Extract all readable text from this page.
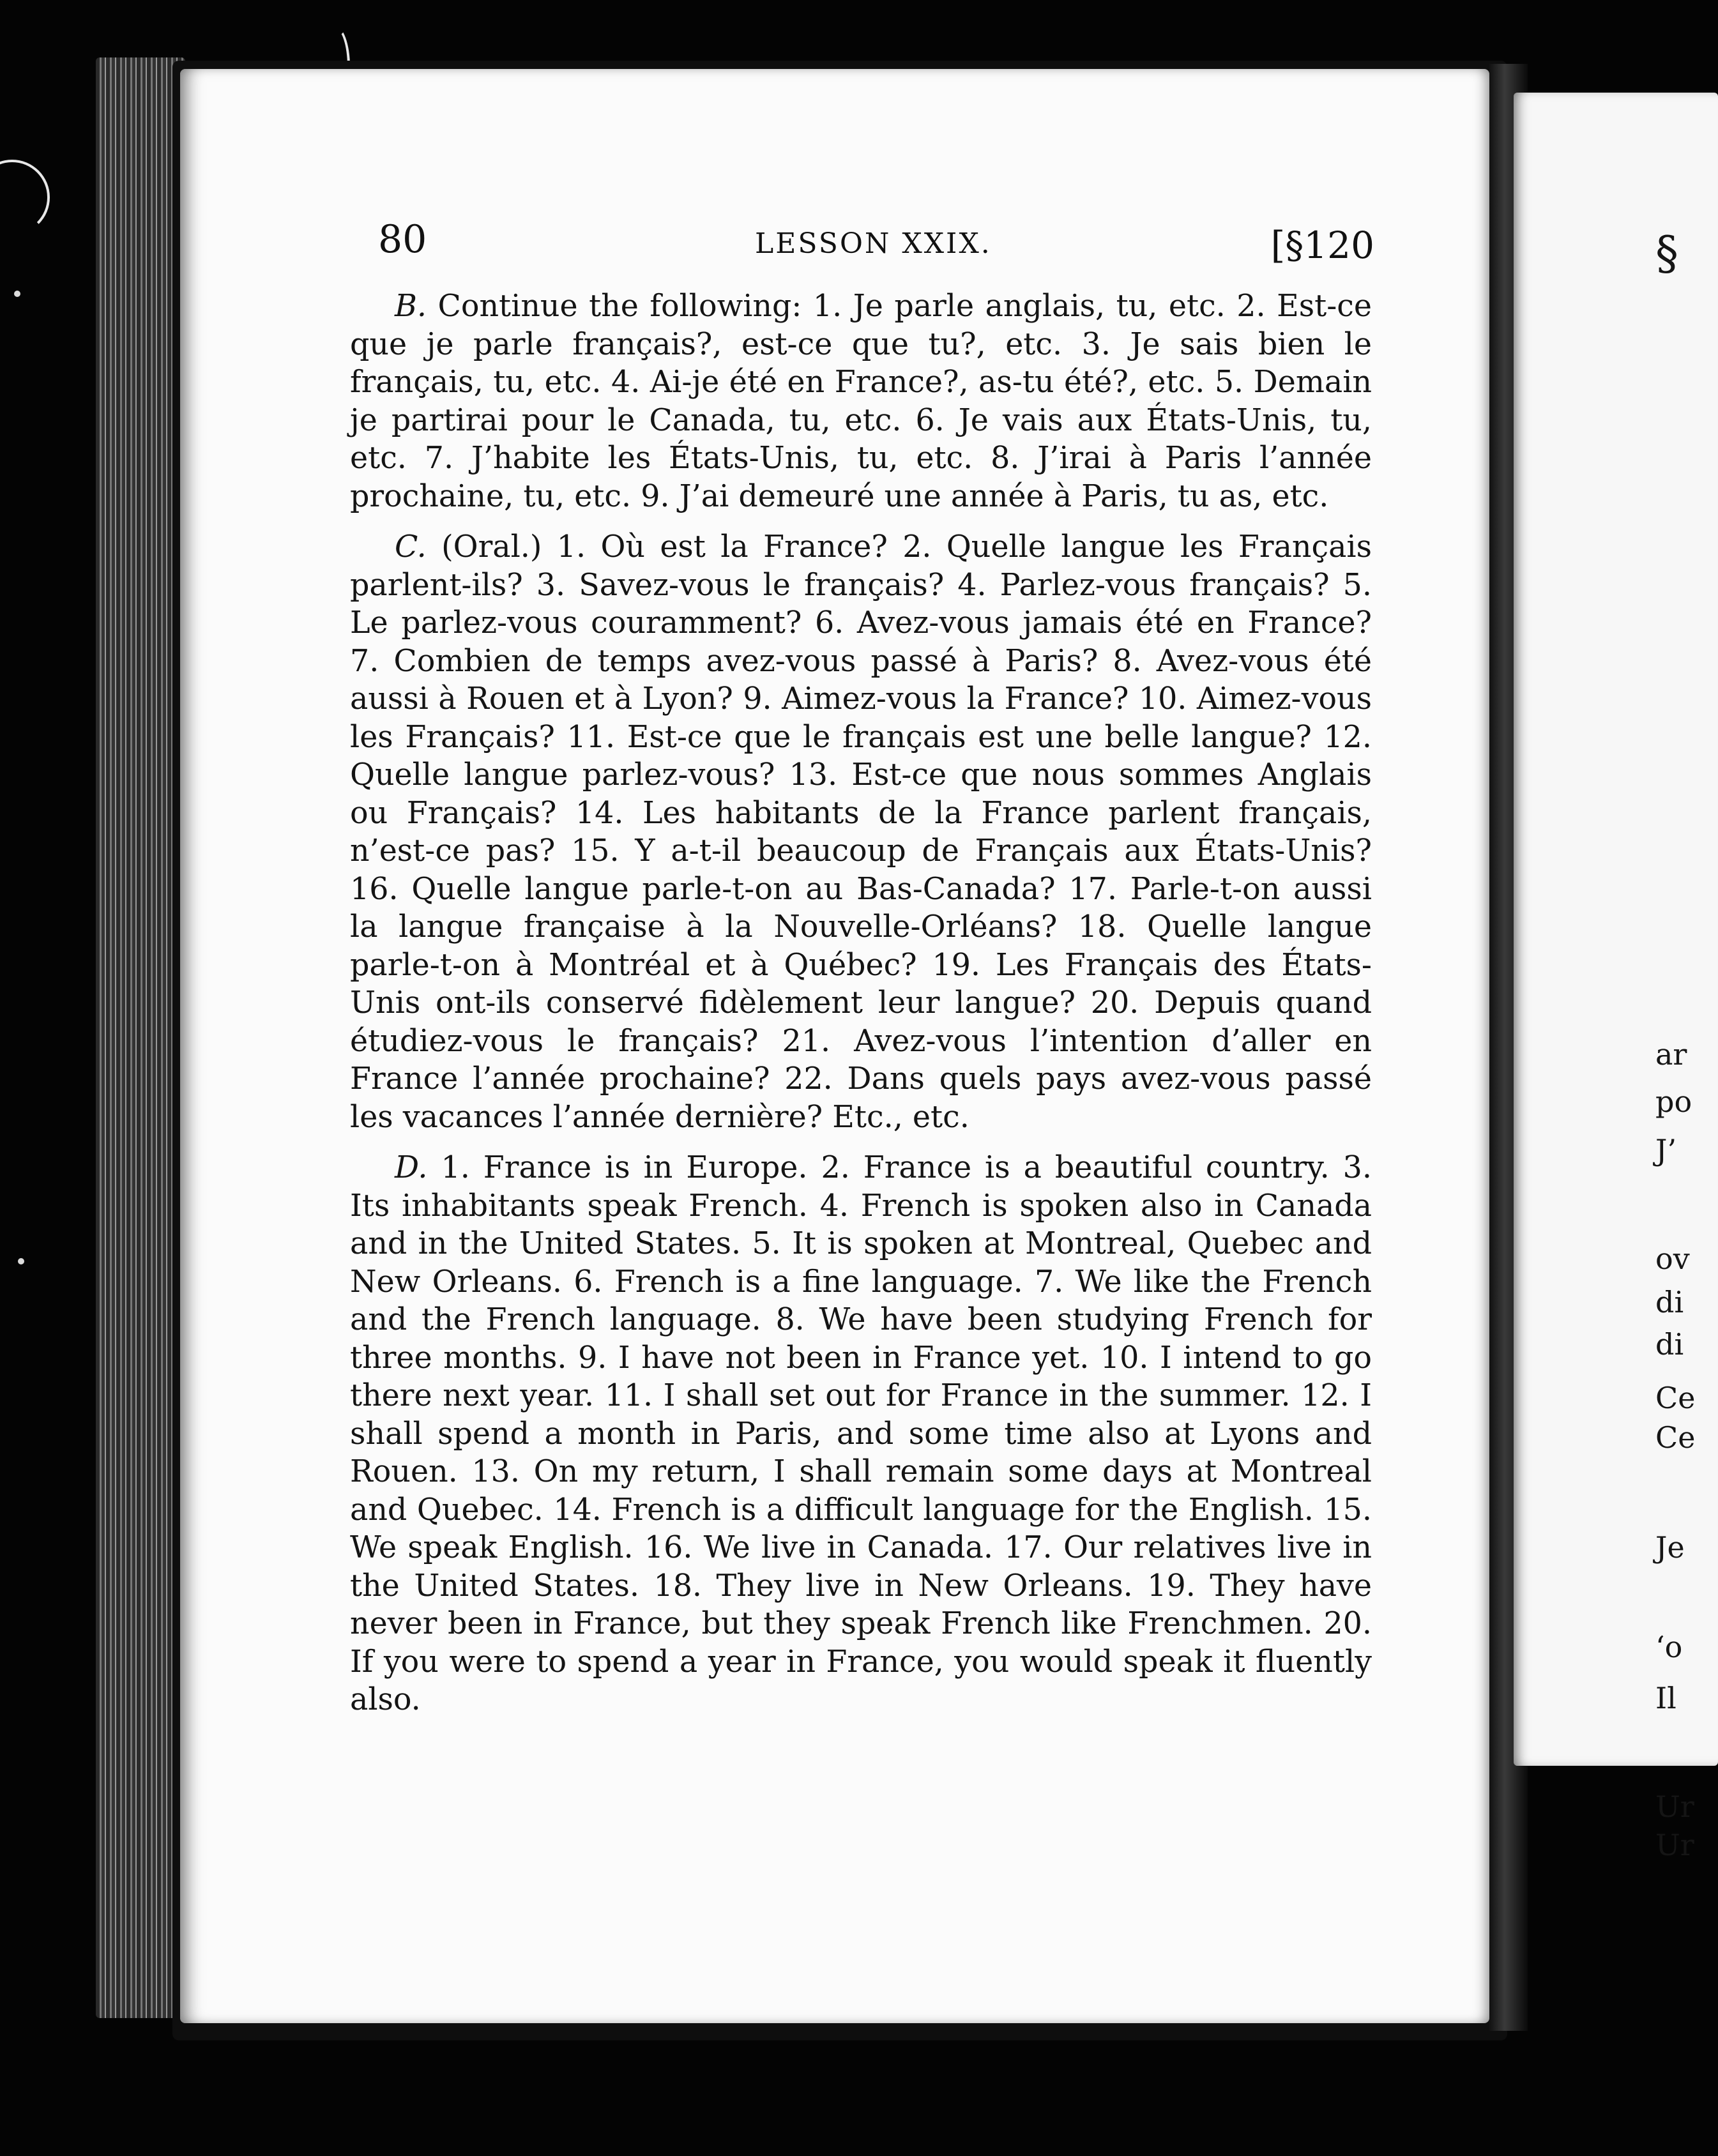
80	LESSON XXIX.	[§120

B. Continue the following: 1. Je parle anglais, tu, etc. 2. Est-ce que je parle français?, est-ce que tu?, etc. 3. Je sais bien le français, tu, etc. 4. Ai-je été en France?, as-tu été?, etc. 5. Demain je partirai pour le Canada, tu, etc. 6. Je vais aux États-Unis, tu, etc. 7. J’habite les États-Unis, tu, etc. 8. J’irai à Paris l’année prochaine, tu, etc. 9. J’ai demeuré une année à Paris, tu as, etc.

C. (Oral.) 1. Où est la France? 2. Quelle langue les Français parlent-ils? 3. Savez-vous le français? 4. Parlez-vous français? 5. Le parlez-vous couramment? 6. Avez-vous jamais été en France? 7. Combien de temps avez-vous passé à Paris? 8. Avez-vous été aussi à Rouen et à Lyon? 9. Aimez-vous la France? 10. Aimez-vous les Français? 11. Est-ce que le français est une belle langue? 12. Quelle langue parlez-vous? 13. Est-ce que nous sommes Anglais ou Français? 14. Les habitants de la France parlent français, n’est-ce pas? 15. Y a-t-il beaucoup de Français aux États-Unis? 16. Quelle langue parle-t-on au Bas-Canada? 17. Parle-t-on aussi la langue française à la Nouvelle-Orléans? 18. Quelle langue parle-t-on à Montréal et à Québec? 19. Les Français des États-Unis ont-ils conservé fidèlement leur langue? 20. Depuis quand étudiez-vous le français? 21. Avez-vous l’intention d’aller en France l’année prochaine? 22. Dans quels pays avez-vous passé les vacances l’année dernière? Etc., etc.

D. 1. France is in Europe. 2. France is a beautiful country. 3. Its inhabitants speak French. 4. French is spoken also in Canada and in the United States. 5. It is spoken at Montreal, Quebec and New Orleans. 6. French is a fine language. 7. We like the French and the French language. 8. We have been studying French for three months. 9. I have not been in France yet. 10. I intend to go there next year. 11. I shall set out for France in the summer. 12. I shall spend a month in Paris, and some time also at Lyons and Rouen. 13. On my return, I shall remain some days at Montreal and Quebec. 14. French is a difficult language for the English. 15. We speak English. 16. We live in Canada. 17. Our relatives live in the United States. 18. They live in New Orleans. 19. They have never been in France, but they speak French like Frenchmen. 20. If you were to spend a year in France, you would speak it fluently also.

§
ar
po
J’
ov
di
di
Ce
Ce
Je
‘o
Il
Ur
Ur
